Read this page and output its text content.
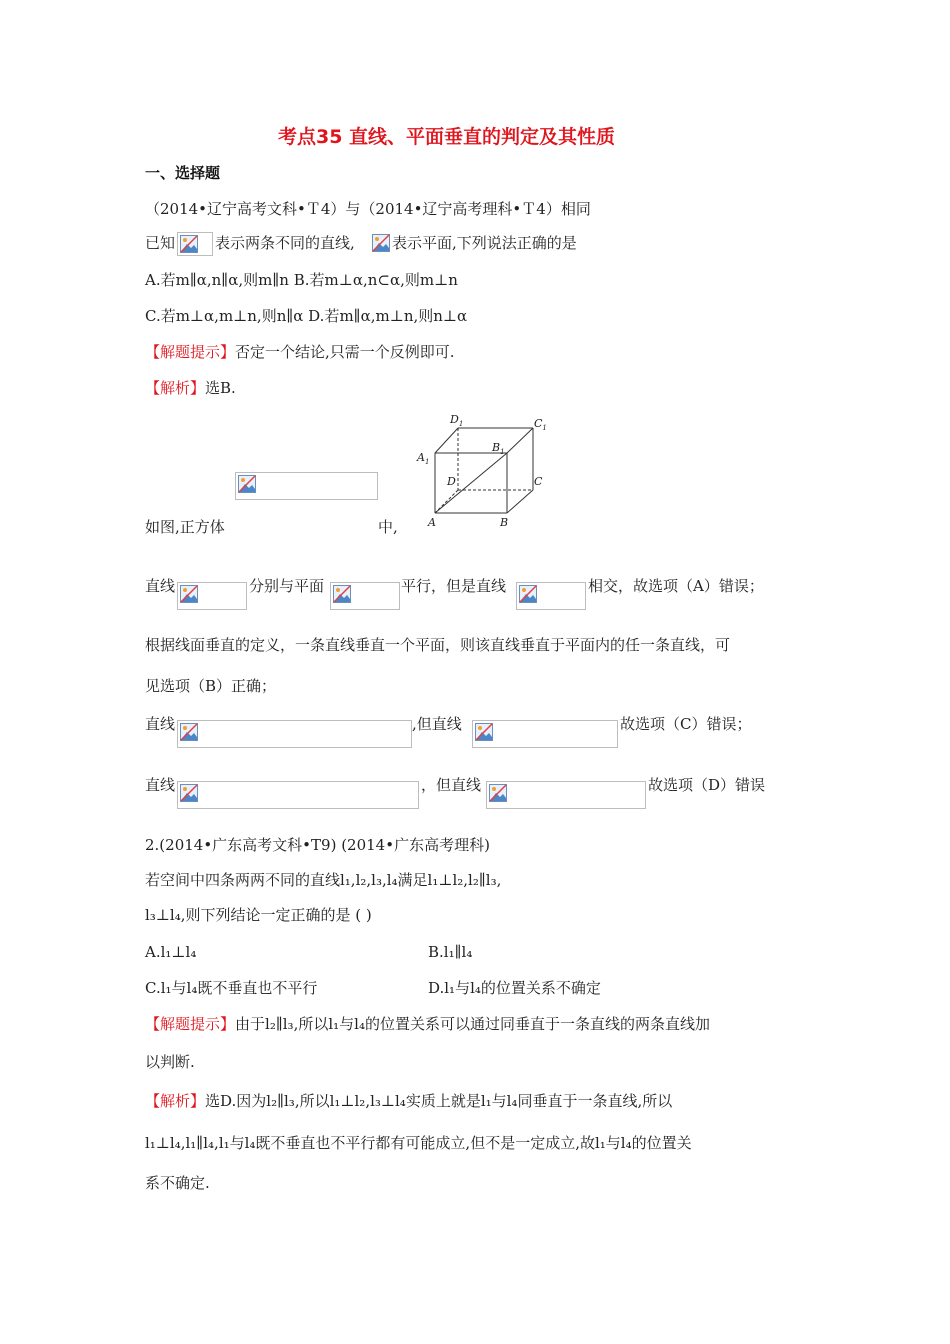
考点35 直线、平面垂直的判定及其性质
一、选择题
（2014•辽宁高考文科•Ｔ4）与（2014•辽宁高考理科•Ｔ4）相同
已知	表示两条不同的直线, 表示平面,下列说法正确的是
A.若m∥α,n∥α,则m∥n B.若m⊥α,n⊂α,则m⊥n
C.若m⊥α,m⊥n,则n∥α D.若m∥α,m⊥n,则n⊥α
【解题提示】否定一个结论,只需一个反例即可.
【解析】选B.
$D_1$	$C_1$
$A_1$
$B_1$
D	C
A	B
如图,正方体	中,
直线	分别与平面	平行，但是直线	相交，故选项（A）错误；
根据线面垂直的定义，一条直线垂直一个平面，则该直线垂直于平面内的任一条直线，可
见选项（B）正确；
直线	,但直线	故选项（C）错误；
直线	，但直线	故选项（D）错误
2.(2014•广东高考文科•T9) (2014•广东高考理科)
若空间中四条两两不同的直线l₁,l₂,l₃,l₄满足l₁⊥l₂,l₂∥l₃,
l₃⊥l₄,则下列结论一定正确的是 ( )
A.l₁⊥l₄	B.l₁∥l₄
C.l₁与l₄既不垂直也不平行	D.l₁与l₄的位置关系不确定
【解题提示】由于l₂∥l₃,所以l₁与l₄的位置关系可以通过同垂直于一条直线的两条直线加
以判断.
【解析】选D.因为l₂∥l₃,所以l₁⊥l₂,l₃⊥l₄实质上就是l₁与l₄同垂直于一条直线,所以
l₁⊥l₄,l₁∥l₄,l₁与l₄既不垂直也不平行都有可能成立,但不是一定成立,故l₁与l₄的位置关
系不确定.
